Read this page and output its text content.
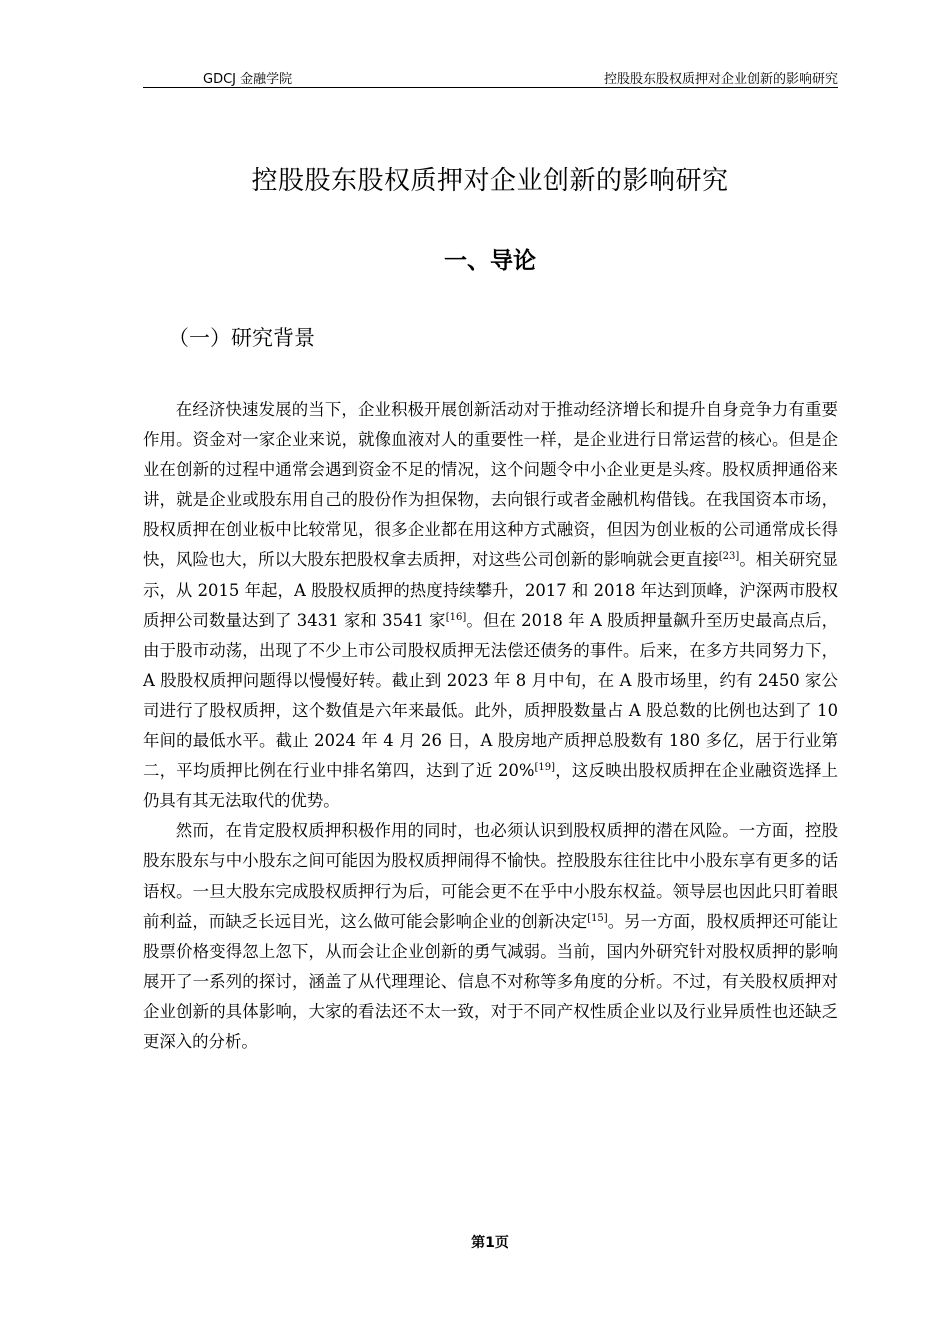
GDCJ 金融学院	控股股东股权质押对企业创新的影响研究
控股股东股权质押对企业创新的影响研究
一、导论
（一）研究背景

在经济快速发展的当下，企业积极开展创新活动对于推动经济增长和提升自身竞争力有重要作用。资金对一家企业来说，就像血液对人的重要性一样，是企业进行日常运营的核心。但是企业在创新的过程中通常会遇到资金不足的情况，这个问题令中小企业更是头疼。股权质押通俗来讲，就是企业或股东用自己的股份作为担保物，去向银行或者金融机构借钱。在我国资本市场，股权质押在创业板中比较常见，很多企业都在用这种方式融资，但因为创业板的公司通常成长得快，风险也大，所以大股东把股权拿去质押，对这些公司创新的影响就会更直接[23]。相关研究显示，从 2015 年起，A 股股权质押的热度持续攀升，2017 和 2018 年达到顶峰，沪深两市股权质押公司数量达到了 3431 家和 3541 家[16]。但在 2018 年 A 股质押量飙升至历史最高点后，由于股市动荡，出现了不少上市公司股权质押无法偿还债务的事件。后来，在多方共同努力下，A 股股权质押问题得以慢慢好转。截止到 2023 年 8 月中旬，在 A 股市场里，约有 2450 家公司进行了股权质押，这个数值是六年来最低。此外，质押股数量占 A 股总数的比例也达到了 10 年间的最低水平。截止 2024 年 4 月 26 日，A 股房地产质押总股数有 180 多亿，居于行业第二，平均质押比例在行业中排名第四，达到了近 20%[19]，这反映出股权质押在企业融资选择上仍具有其无法取代的优势。

然而，在肯定股权质押积极作用的同时，也必须认识到股权质押的潜在风险。一方面，控股股东股东与中小股东之间可能因为股权质押闹得不愉快。控股股东往往比中小股东享有更多的话语权。一旦大股东完成股权质押行为后，可能会更不在乎中小股东权益。领导层也因此只盯着眼前利益，而缺乏长远目光，这么做可能会影响企业的创新决定[15]。另一方面，股权质押还可能让股票价格变得忽上忽下，从而会让企业创新的勇气减弱。当前，国内外研究针对股权质押的影响展开了一系列的探讨，涵盖了从代理理论、信息不对称等多角度的分析。不过，有关股权质押对企业创新的具体影响，大家的看法还不太一致，对于不同产权性质企业以及行业异质性也还缺乏更深入的分析。

第1页
